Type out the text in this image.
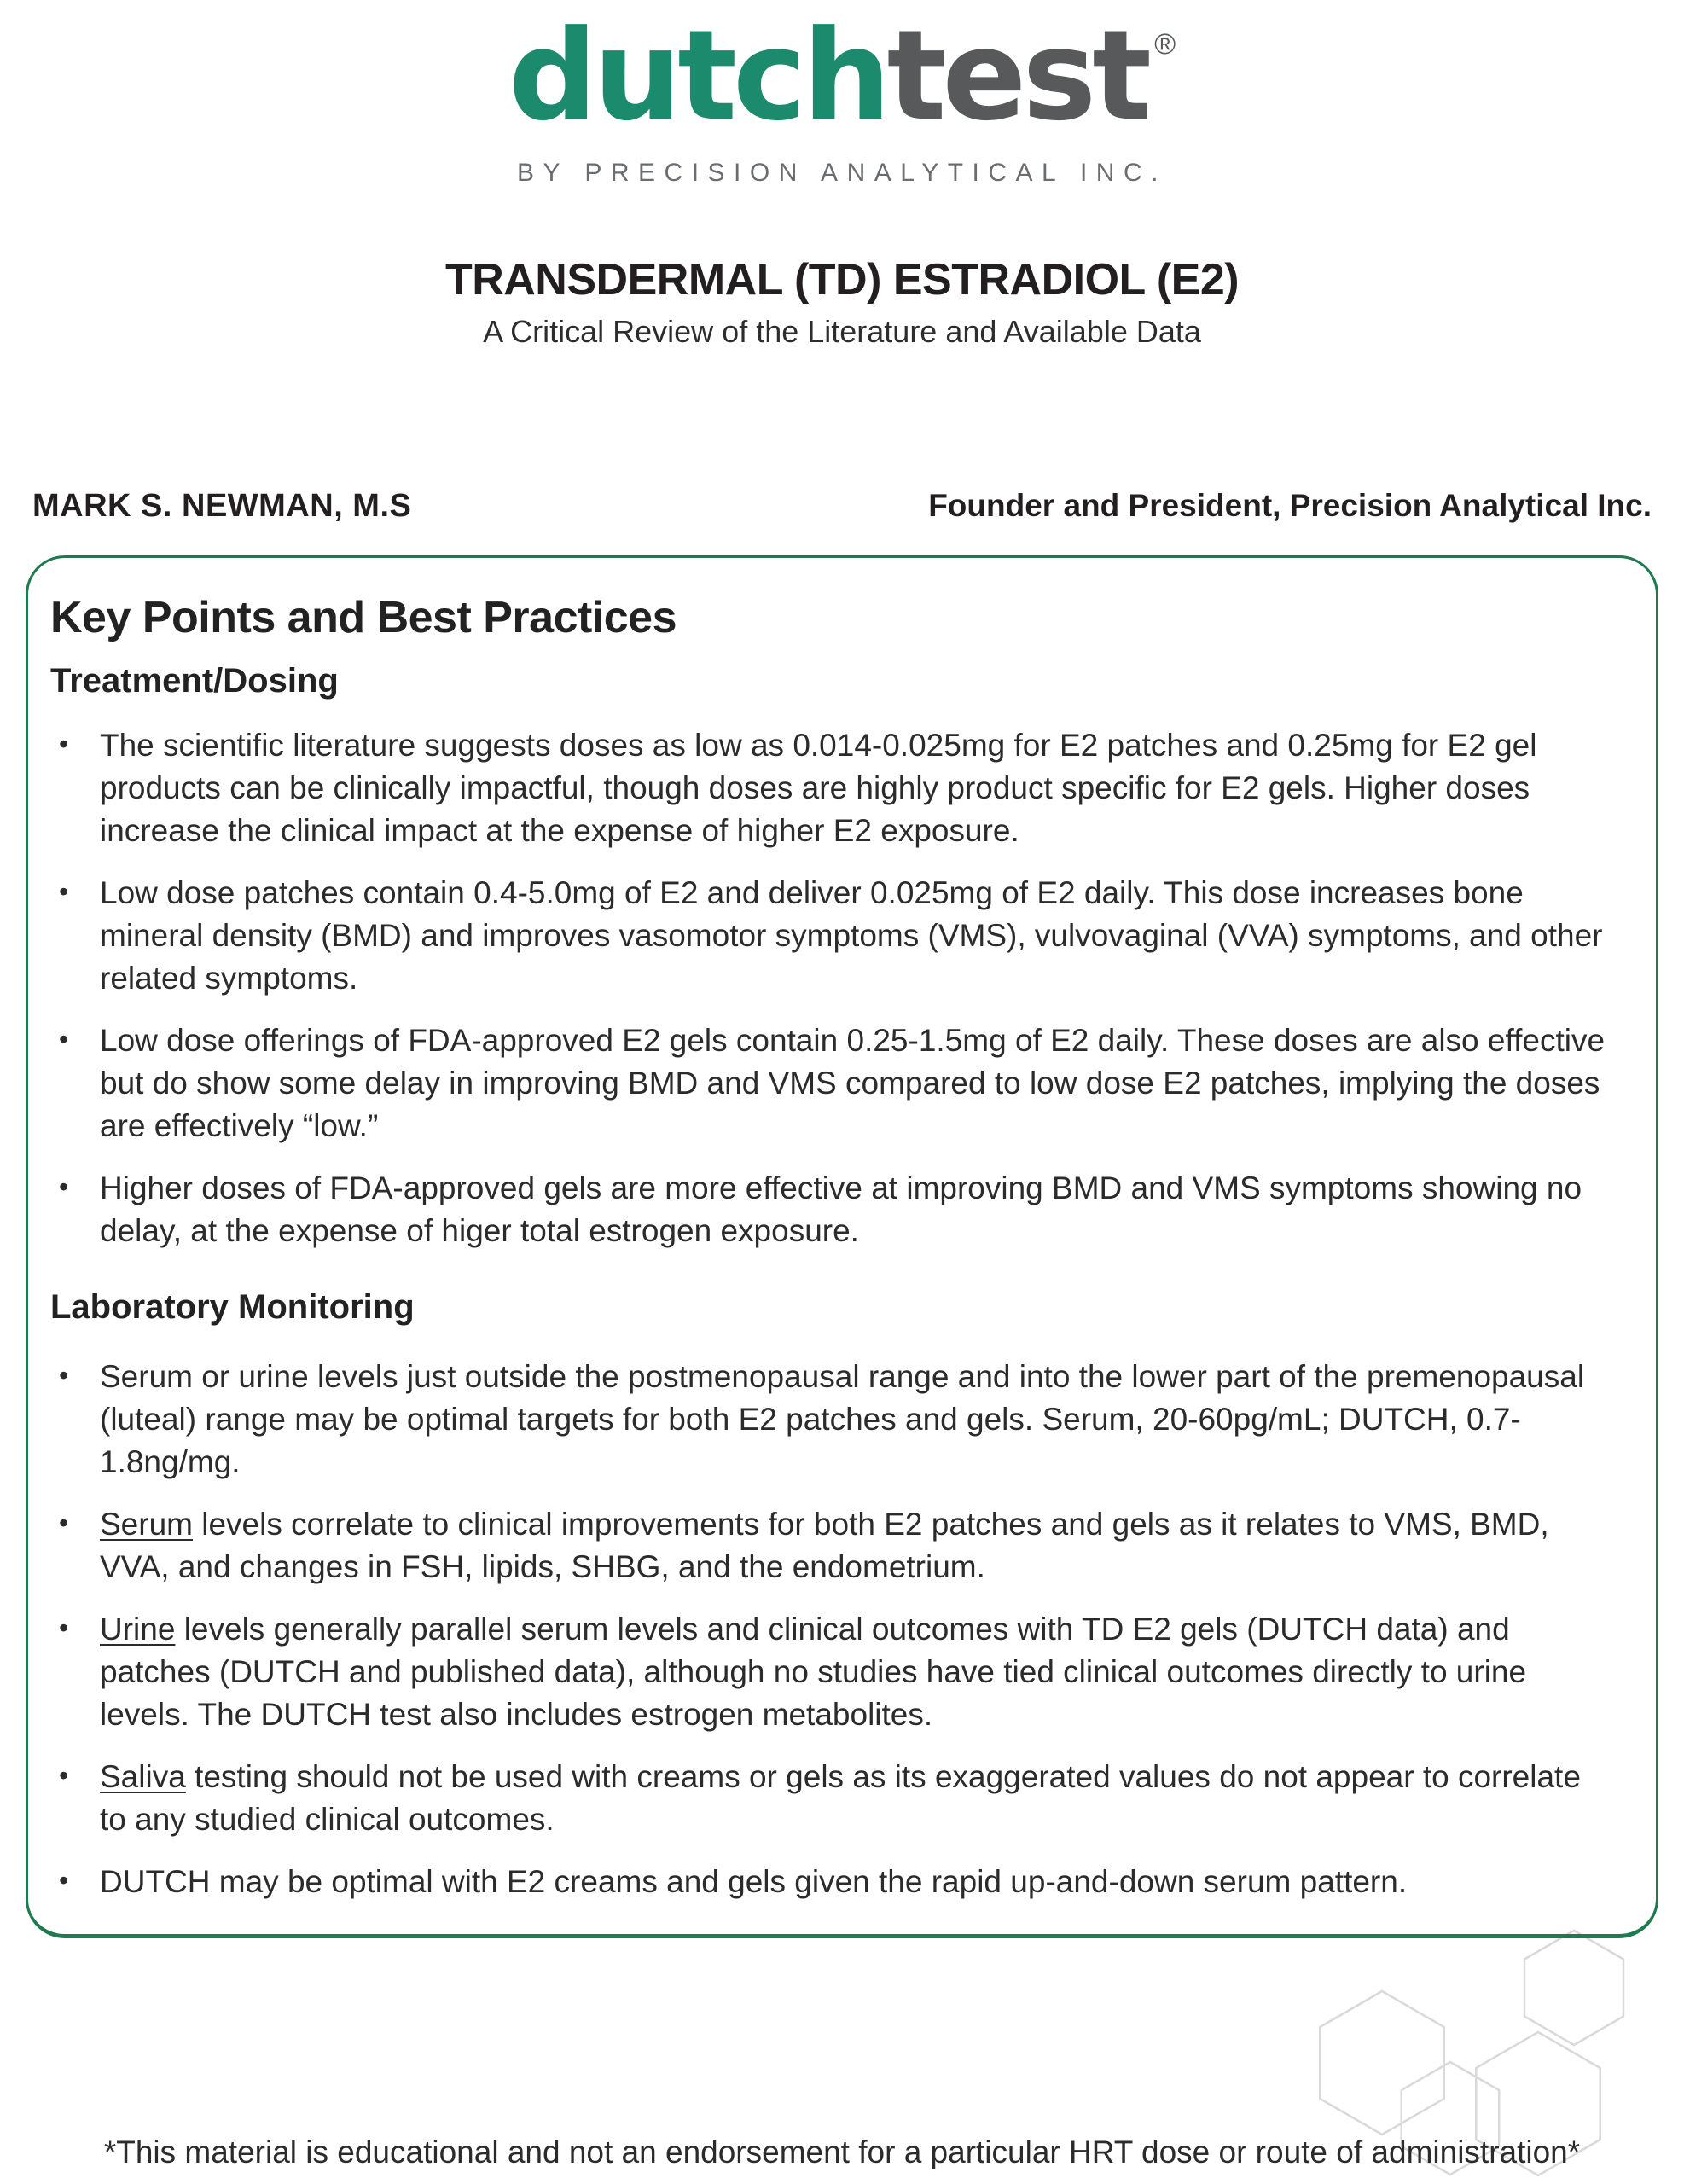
dutchtest ®
BY PRECISION ANALYTICAL INC.
TRANSDERMAL (TD) ESTRADIOL (E2)
A Critical Review of the Literature and Available Data
MARK S. NEWMAN, M.S	Founder and President, Precision Analytical Inc.
Key Points and Best Practices
Treatment/Dosing
• The scientific literature suggests doses as low as 0.014-0.025mg for E2 patches and 0.25mg for E2 gel products can be clinically impactful, though doses are highly product specific for E2 gels. Higher doses increase the clinical impact at the expense of higher E2 exposure.
• Low dose patches contain 0.4-5.0mg of E2 and deliver 0.025mg of E2 daily. This dose increases bone mineral density (BMD) and improves vasomotor symptoms (VMS), vulvovaginal (VVA) symptoms, and other related symptoms.
• Low dose offerings of FDA-approved E2 gels contain 0.25-1.5mg of E2 daily. These doses are also effective but do show some delay in improving BMD and VMS compared to low dose E2 patches, implying the doses are effectively “low.”
• Higher doses of FDA-approved gels are more effective at improving BMD and VMS symptoms showing no delay, at the expense of higer total estrogen exposure.
Laboratory Monitoring
• Serum or urine levels just outside the postmenopausal range and into the lower part of the premenopausal (luteal) range may be optimal targets for both E2 patches and gels. Serum, 20-60pg/mL; DUTCH, 0.7-1.8ng/mg.
• Serum levels correlate to clinical improvements for both E2 patches and gels as it relates to VMS, BMD, VVA, and changes in FSH, lipids, SHBG, and the endometrium.
• Urine levels generally parallel serum levels and clinical outcomes with TD E2 gels (DUTCH data) and patches (DUTCH and published data), although no studies have tied clinical outcomes directly to urine levels. The DUTCH test also includes estrogen metabolites.
• Saliva testing should not be used with creams or gels as its exaggerated values do not appear to correlate to any studied clinical outcomes.
• DUTCH may be optimal with E2 creams and gels given the rapid up-and-down serum pattern.
*This material is educational and not an endorsement for a particular HRT dose or route of administration*
